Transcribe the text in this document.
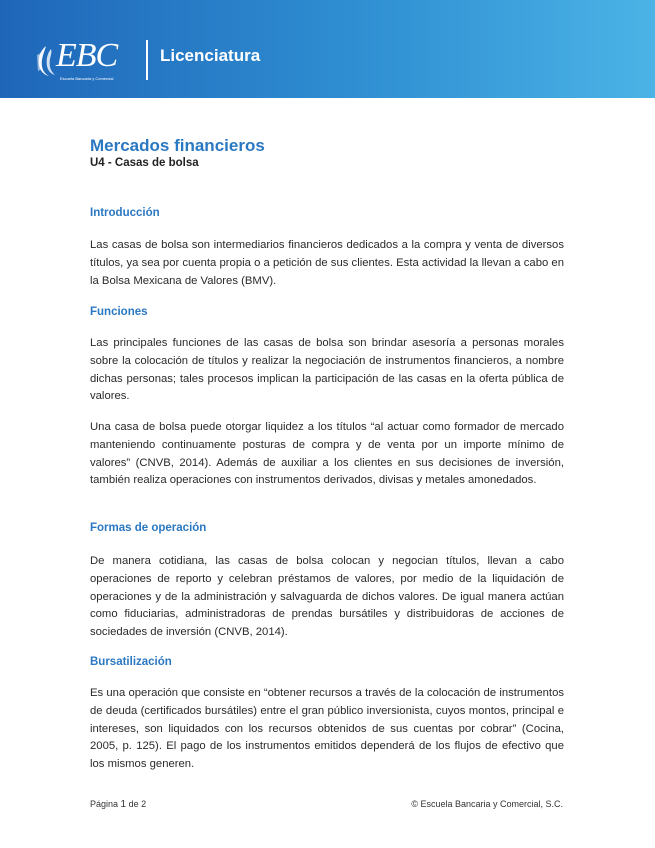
EBC
Escuela Bancaria y Comercial
Licenciatura
Mercados financieros
U4 - Casas de bolsa
Introducción
Las casas de bolsa son intermediarios financieros dedicados a la compra y venta de diversos títulos, ya sea por cuenta propia o a petición de sus clientes. Esta actividad la llevan a cabo en la Bolsa Mexicana de Valores (BMV).
Funciones
Las principales funciones de las casas de bolsa son brindar asesoría a personas morales sobre la colocación de títulos y realizar la negociación de instrumentos financieros, a nombre dichas personas; tales procesos implican la participación de las casas en la oferta pública de valores.
Una casa de bolsa puede otorgar liquidez a los títulos “al actuar como formador de mercado manteniendo continuamente posturas de compra y de venta por un importe mínimo de valores” (CNVB, 2014). Además de auxiliar a los clientes en sus decisiones de inversión, también realiza operaciones con instrumentos derivados, divisas y metales amonedados.
Formas de operación
De manera cotidiana, las casas de bolsa colocan y negocian títulos, llevan a cabo operaciones de reporto y celebran préstamos de valores, por medio de la liquidación de operaciones y de la administración y salvaguarda de dichos valores. De igual manera actúan como fiduciarias, administradoras de prendas bursátiles y distribuidoras de acciones de sociedades de inversión (CNVB, 2014).
Bursatilización
Es una operación que consiste en “obtener recursos a través de la colocación de instrumentos de deuda (certificados bursátiles) entre el gran público inversionista, cuyos montos, principal e intereses, son liquidados con los recursos obtenidos de sus cuentas por cobrar” (Cocina, 2005, p. 125). El pago de los instrumentos emitidos dependerá de los flujos de efectivo que los mismos generen.
Página 1 de 2	© Escuela Bancaria y Comercial, S.C.
